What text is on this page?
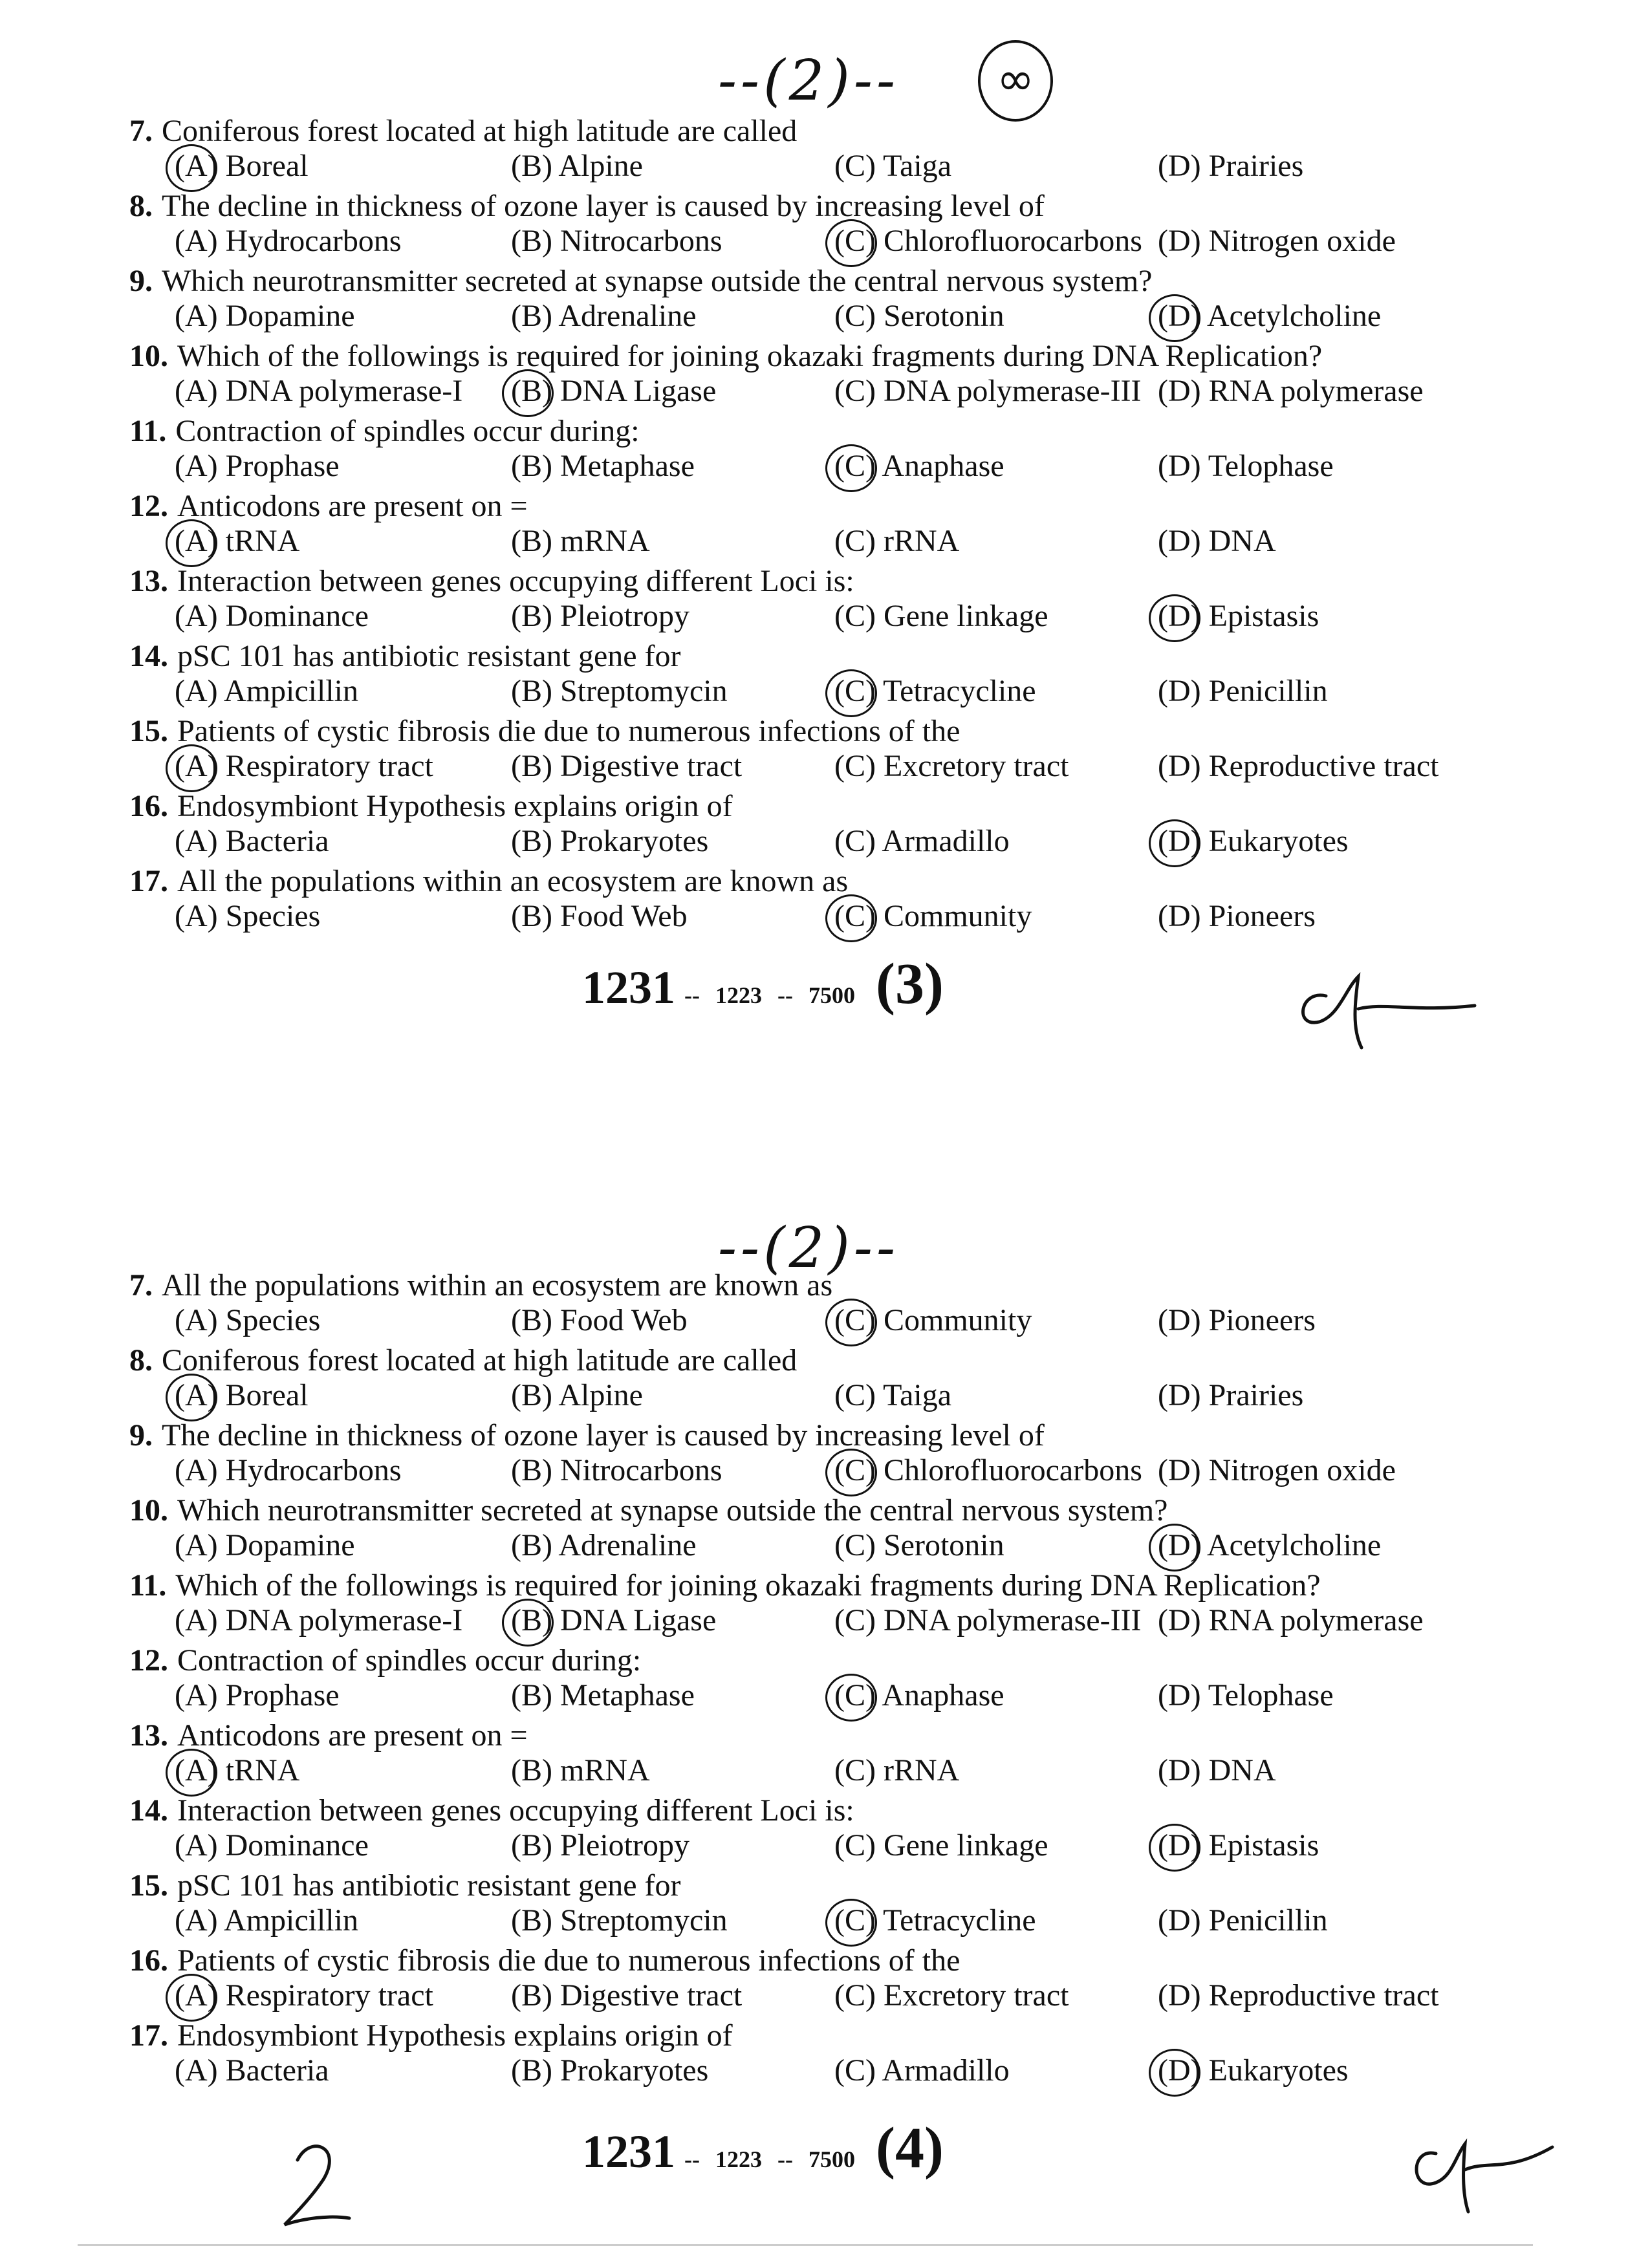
--(2)--	∞
7. Coniferous forest located at high latitude are called
(A) Boreal	(B) Alpine	(C) Taiga	(D) Prairies
8. The decline in thickness of ozone layer is caused by increasing level of
(A) Hydrocarbons	(B) Nitrocarbons	(C) Chlorofluorocarbons (D) Nitrogen oxide
9. Which neurotransmitter secreted at synapse outside the central nervous system?
(A) Dopamine	(B) Adrenaline	(C) Serotonin	(D) Acetylcholine
10. Which of the followings is required for joining okazaki fragments during DNA Replication?
(A) DNA polymerase-I (B) DNA Ligase	(C) DNA polymerase-III (D) RNA polymerase
11. Contraction of spindles occur during:
(A) Prophase	(B) Metaphase	(C) Anaphase	(D) Telophase
12. Anticodons are present on =
(A) tRNA	(B) mRNA	(C) rRNA	(D) DNA
13. Interaction between genes occupying different Loci is:
(A) Dominance	(B) Pleiotropy	(C) Gene linkage	(D) Epistasis
14. pSC 101 has antibiotic resistant gene for
(A) Ampicillin	(B) Streptomycin	(C) Tetracycline	(D) Penicillin
15. Patients of cystic fibrosis die due to numerous infections of the
(A) Respiratory tract	(B) Digestive tract	(C) Excretory tract	(D) Reproductive tract
16. Endosymbiont Hypothesis explains origin of
(A) Bacteria	(B) Prokaryotes	(C) Armadillo	(D) Eukaryotes
17. All the populations within an ecosystem are known as
(A) Species	(B) Food Web	(C) Community	(D) Pioneers
1231 -- 1223 -- 7500 (3)
--(2)--
7. All the populations within an ecosystem are known as
(A) Species	(B) Food Web	(C) Community	(D) Pioneers
8. Coniferous forest located at high latitude are called
(A) Boreal	(B) Alpine	(C) Taiga	(D) Prairies
9. The decline in thickness of ozone layer is caused by increasing level of
(A) Hydrocarbons	(B) Nitrocarbons	(C) Chlorofluorocarbons (D) Nitrogen oxide
10. Which neurotransmitter secreted at synapse outside the central nervous system?
(A) Dopamine	(B) Adrenaline	(C) Serotonin	(D) Acetylcholine
11. Which of the followings is required for joining okazaki fragments during DNA Replication?
(A) DNA polymerase-I (B) DNA Ligase	(C) DNA polymerase-III (D) RNA polymerase
12. Contraction of spindles occur during:
(A) Prophase	(B) Metaphase	(C) Anaphase	(D) Telophase
13. Anticodons are present on =
(A) tRNA	(B) mRNA	(C) rRNA	(D) DNA
14. Interaction between genes occupying different Loci is:
(A) Dominance	(B) Pleiotropy	(C) Gene linkage	(D) Epistasis
15. pSC 101 has antibiotic resistant gene for
(A) Ampicillin	(B) Streptomycin	(C) Tetracycline	(D) Penicillin
16. Patients of cystic fibrosis die due to numerous infections of the
(A) Respiratory tract	(B) Digestive tract	(C) Excretory tract	(D) Reproductive tract
17. Endosymbiont Hypothesis explains origin of
(A) Bacteria	(B) Prokaryotes	(C) Armadillo	(D) Eukaryotes
1231 -- 1223 -- 7500 (4)
